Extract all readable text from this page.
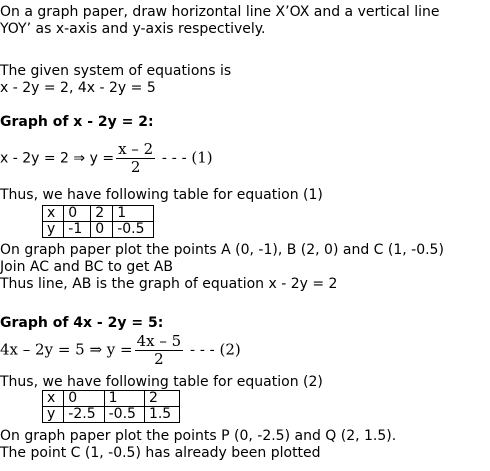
On a graph paper, draw horizontal line X’OX and a vertical line
YOY’ as x-axis and y-axis respectively.
The given system of equations is
x - 2y = 2, 4x - 2y = 5
Graph of x - 2y = 2:
x - 2y = 2 ⇒ $y = \frac{x - 2}{2}$ - - - (1)
Thus, we have following table for equation (1)
x	0	2	1
y	-1	0	-0.5
On graph paper plot the points A (0, -1), B (2, 0) and C (1, -0.5)
Join AC and BC to get AB
Thus line, AB is the graph of equation x - 2y = 2
Graph of 4x - 2y = 5:
4x – 2y = 5 ⇒ $y = \frac{4x - 5}{2}$ - - - (2)
Thus, we have following table for equation (2)
x	0	1	2
y	-2.5	-0.5	1.5
On graph paper plot the points P (0, -2.5) and Q (2, 1.5).
The point C (1, -0.5) has already been plotted
